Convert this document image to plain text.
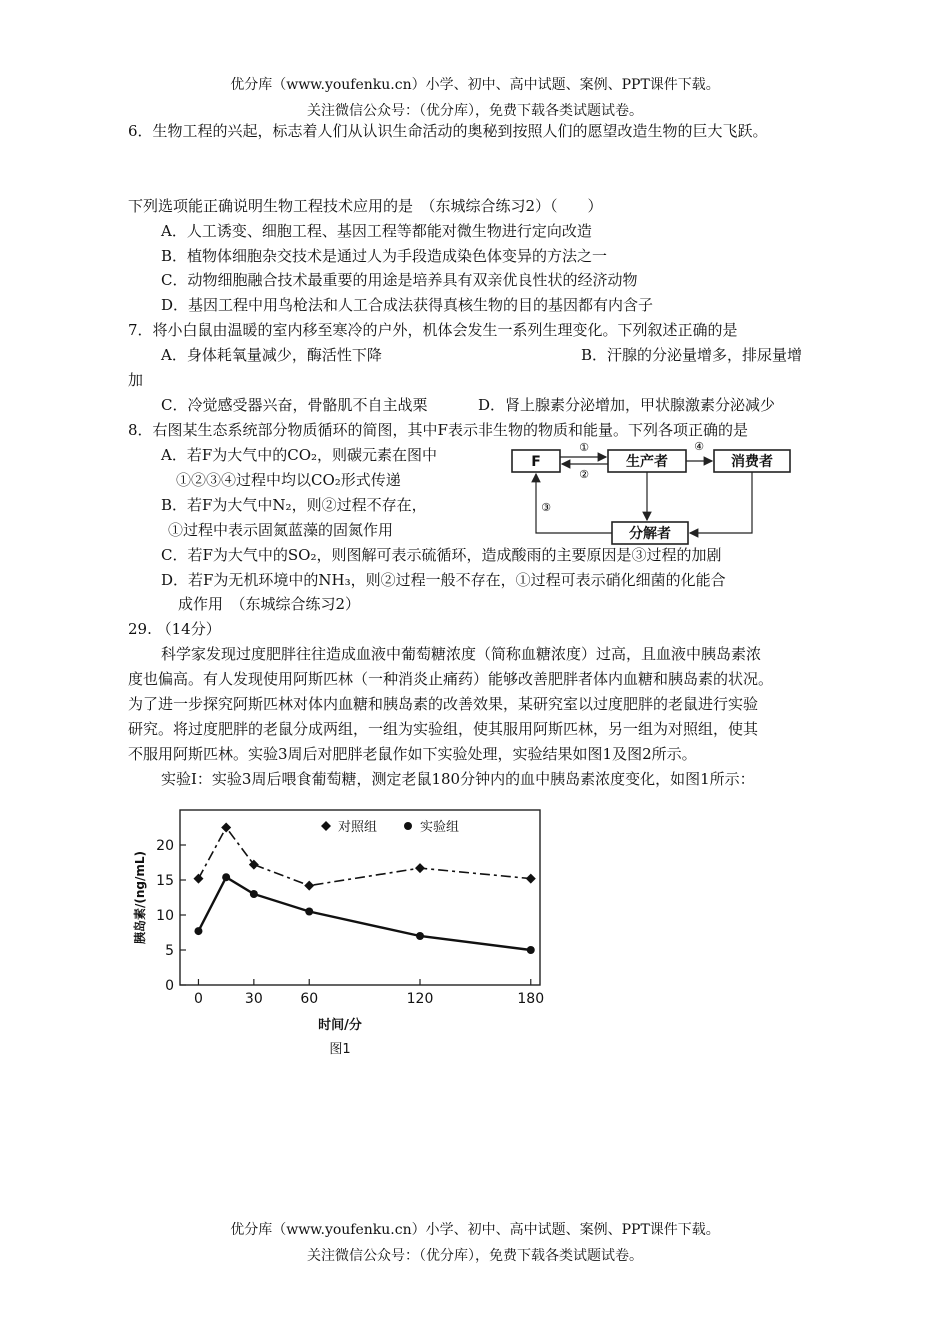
优分库（www.youfenku.cn）小学、初中、高中试题、案例、PPT课件下载。
关注微信公众号：（优分库），免费下载各类试题试卷。
6．生物工程的兴起，标志着人们从认识生命活动的奥秘到按照人们的愿望改造生物的巨大飞跃。
下列选项能正确说明生物工程技术应用的是　（东城综合练习2）（　　）
A．人工诱变、细胞工程、基因工程等都能对微生物进行定向改造
B．植物体细胞杂交技术是通过人为手段造成染色体变异的方法之一
C．动物细胞融合技术最重要的用途是培养具有双亲优良性状的经济动物
D．基因工程中用鸟枪法和人工合成法获得真核生物的目的基因都有内含子
7．将小白鼠由温暖的室内移至寒冷的户外，机体会发生一系列生理变化。下列叙述正确的是
A．身体耗氧量减少，酶活性下降	B．汗腺的分泌量增多，排尿量增
加
C．冷觉感受器兴奋，骨骼肌不自主战栗	D．肾上腺素分泌增加，甲状腺激素分泌减少
8．右图某生态系统部分物质循环的简图，其中F表示非生物的物质和能量。下列各项正确的是
A．若F为大气中的CO₂，则碳元素在图中
①②③④过程中均以CO₂形式传递
B．若F为大气中N₂，则②过程不存在，
①过程中表示固氮蓝藻的固氮作用
C．若F为大气中的SO₂，则图解可表示硫循环，造成酸雨的主要原因是③过程的加剧
D．若F为无机环境中的NH₃，则②过程一般不存在，①过程可表示硝化细菌的化能合
成作用　（东城综合练习2）
F	生产者	消费者
分解者
①
②
④
③
29. （14分）
科学家发现过度肥胖往往造成血液中葡萄糖浓度（简称血糖浓度）过高，且血液中胰岛素浓
度也偏高。有人发现使用阿斯匹林（一种消炎止痛药）能够改善肥胖者体内血糖和胰岛素的状况。
为了进一步探究阿斯匹林对体内血糖和胰岛素的改善效果，某研究室以过度肥胖的老鼠进行实验
研究。将过度肥胖的老鼠分成两组，一组为实验组，使其服用阿斯匹林，另一组为对照组，使其
不服用阿斯匹林。实验3周后对肥胖老鼠作如下实验处理，实验结果如图1及图2所示。
实验Ⅰ：实验3周后喂食葡萄糖，测定老鼠180分钟内的血中胰岛素浓度变化，如图1所示：
0
5
10
15
20
0	30	60	120	180
时间/分
胰岛素/(ng/mL)
图1
对照组	实验组
优分库（www.youfenku.cn）小学、初中、高中试题、案例、PPT课件下载。
关注微信公众号：（优分库），免费下载各类试题试卷。
